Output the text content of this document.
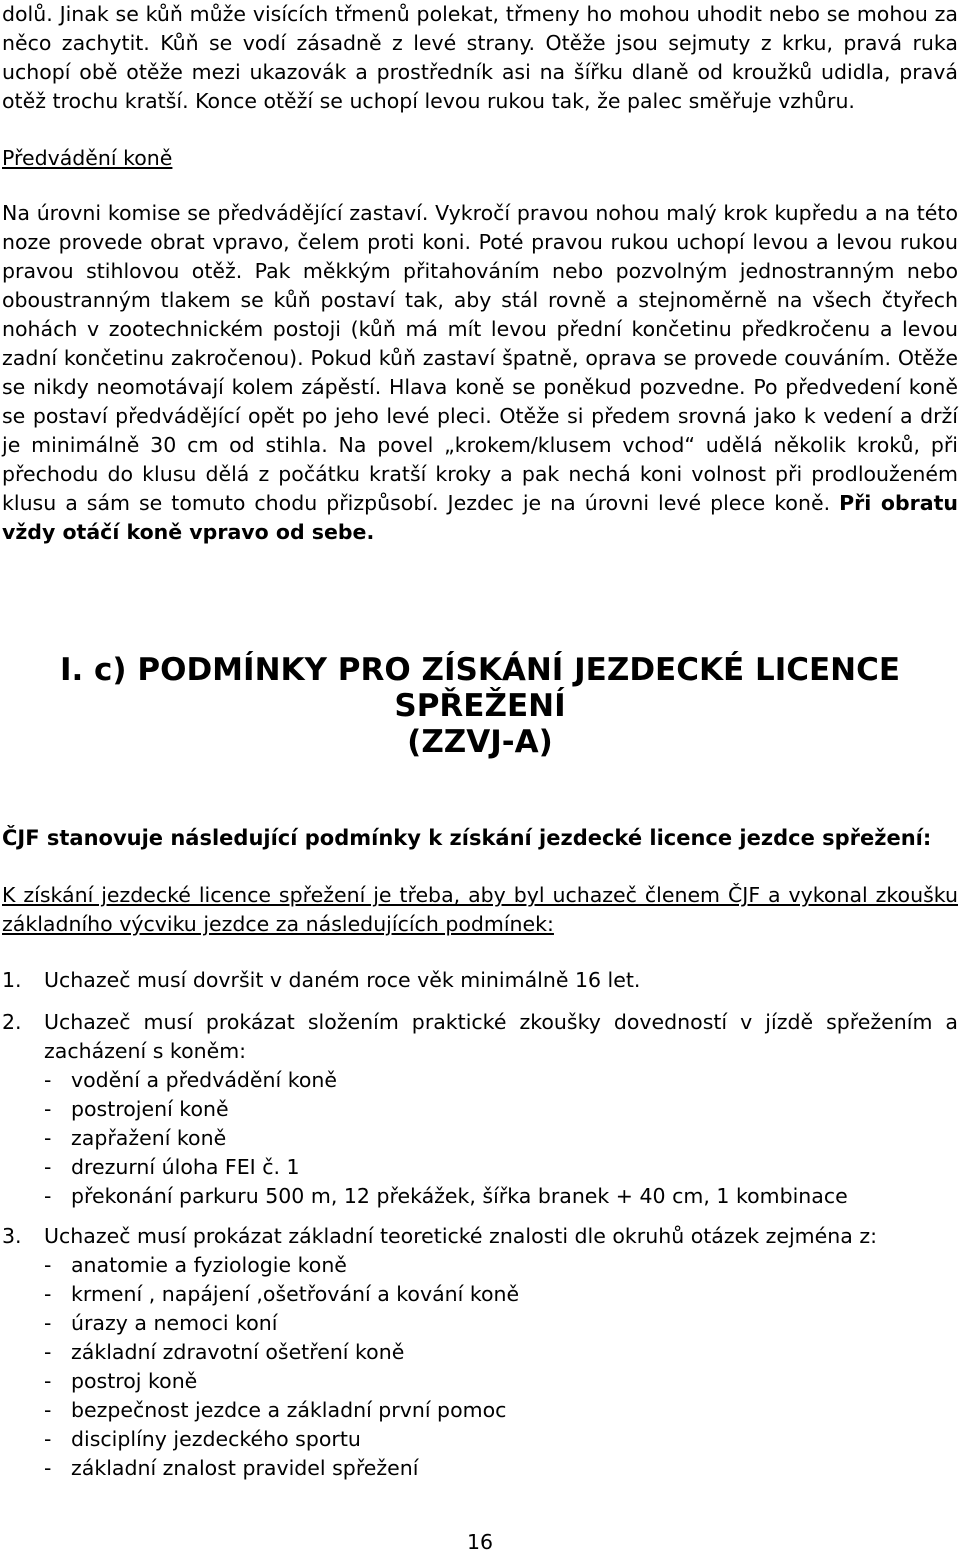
dolů. Jinak se kůň může visících třmenů polekat, třmeny ho mohou uhodit nebo se mohou za něco zachytit. Kůň se vodí zásadně z levé strany. Otěže jsou sejmuty z krku, pravá ruka uchopí obě otěže mezi ukazovák a prostředník asi na šířku dlaně od kroužků udidla, pravá otěž trochu kratší. Konce otěží se uchopí levou rukou tak, že palec směřuje vzhůru.

Předvádění koně

Na úrovni komise se předvádějící zastaví. Vykročí pravou nohou malý krok kupředu a na této noze provede obrat vpravo, čelem proti koni. Poté pravou rukou uchopí levou a levou rukou pravou stihlovou otěž. Pak měkkým přitahováním nebo pozvolným jednostranným nebo oboustranným tlakem se kůň postaví tak, aby stál rovně a stejnoměrně na všech čtyřech nohách v zootechnickém postoji (kůň má mít levou přední končetinu předkročenu a levou zadní končetinu zakročenou). Pokud kůň zastaví špatně, oprava se provede couváním. Otěže se nikdy neomotávají kolem zápěstí. Hlava koně se poněkud pozvedne. Po předvedení koně se postaví předvádějící opět po jeho levé pleci. Otěže si předem srovná jako k vedení a drží je minimálně 30 cm od stihla. Na povel „krokem/klusem vchod“ udělá několik kroků, při přechodu do klusu dělá z počátku kratší kroky a pak nechá koni volnost při prodlouženém klusu a sám se tomuto chodu přizpůsobí. Jezdec je na úrovni levé plece koně. Při obratu vždy otáčí koně vpravo od sebe.

I. c) PODMÍNKY PRO ZÍSKÁNÍ JEZDECKÉ LICENCE
SPŘEŽENÍ
(ZZVJ-A)

ČJF stanovuje následující podmínky k získání jezdecké licence jezdce spřežení:

K získání jezdecké licence spřežení je třeba, aby byl uchazeč členem ČJF a vykonal zkoušku základního výcviku jezdce za následujících podmínek:

1. Uchazeč musí dovršit v daném roce věk minimálně 16 let.
2. Uchazeč musí prokázat složením praktické zkoušky dovedností v jízdě spřežením a zacházení s koněm:
- vodění a předvádění koně
- postrojení koně
- zapřažení koně
- drezurní úloha FEI č. 1
- překonání parkuru 500 m, 12 překážek, šířka branek + 40 cm, 1 kombinace
3. Uchazeč musí prokázat základní teoretické znalosti dle okruhů otázek zejména z:
- anatomie a fyziologie koně
- krmení , napájení ,ošetřování a kování koně
- úrazy a nemoci koní
- základní zdravotní ošetření koně
- postroj koně
- bezpečnost jezdce a základní první pomoc
- disciplíny jezdeckého sportu
- základní znalost pravidel spřežení

16
